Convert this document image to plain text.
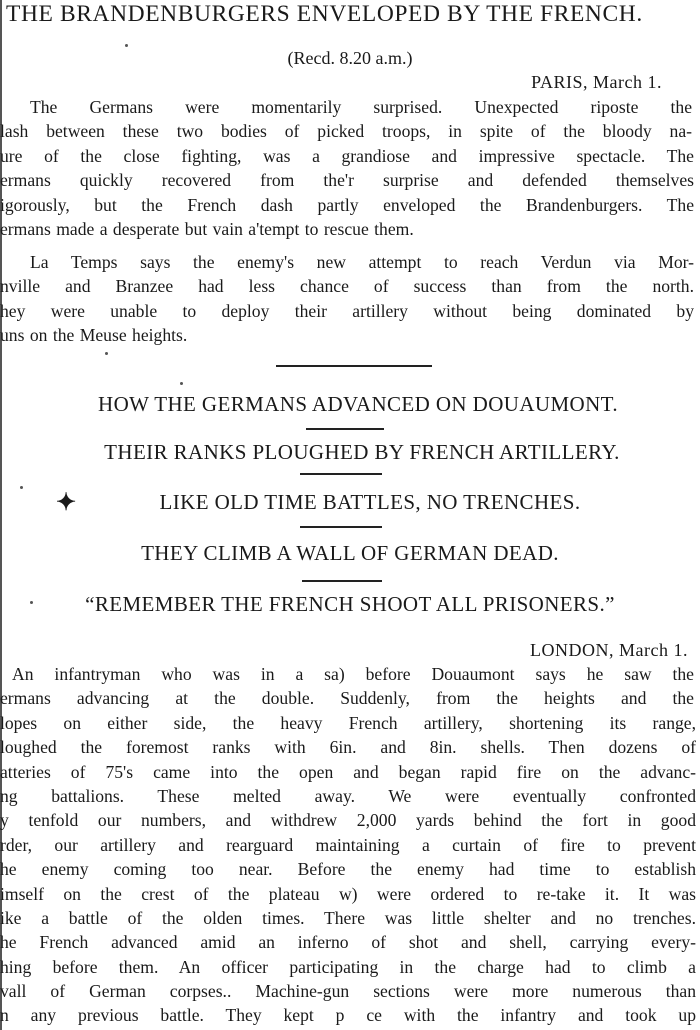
THE BRANDENBURGERS ENVELOPED BY THE FRENCH.
(Recd. 8.20 a.m.)
PARIS, March 1.
The Germans were momentarily surprised. Unexpected riposte the
lash between these two bodies of picked troops, in spite of the bloody na-
ure of the close fighting, was a grandiose and impressive spectacle. The
ermans quickly recovered from the'r surprise and defended themselves
igorously, but the French dash partly enveloped the Brandenburgers. The
ermans made a desperate but vain a'tempt to rescue them.
La Temps says the enemy's new attempt to reach Verdun via Mor-
nville and Branzee had less chance of success than from the north.
hey were unable to deploy their artillery without being dominated by
uns on the Meuse heights.
HOW THE GERMANS ADVANCED ON DOUAUMONT.
THEIR RANKS PLOUGHED BY FRENCH ARTILLERY.
✦	LIKE OLD TIME BATTLES, NO TRENCHES.
THEY CLIMB A WALL OF GERMAN DEAD.
“REMEMBER THE FRENCH SHOOT ALL PRISONERS.”
LONDON, March 1.
An infantryman who was in a sa) before Douaumont says he saw the
ermans advancing at the double. Suddenly, from the heights and the
lopes on either side, the heavy French artillery, shortening its range,
loughed the foremost ranks with 6in. and 8in. shells. Then dozens of
atteries of 75's came into the open and began rapid fire on the advanc-
ng battalions. These melted away. We were eventually confronted
y tenfold our numbers, and withdrew 2,000 yards behind the fort in good
rder, our artillery and rearguard maintaining a curtain of fire to prevent
he enemy coming too near. Before the enemy had time to establish
imself on the crest of the plateau w) were ordered to re-take it. It was
ike a battle of the olden times. There was little shelter and no trenches.
he French advanced amid an inferno of shot and shell, carrying every-
hing before them. An officer participating in the charge had to climb a
vall of German corpses.. Machine-gun sections were more numerous than
n any previous battle. They kept p ce with the infantry and took up
